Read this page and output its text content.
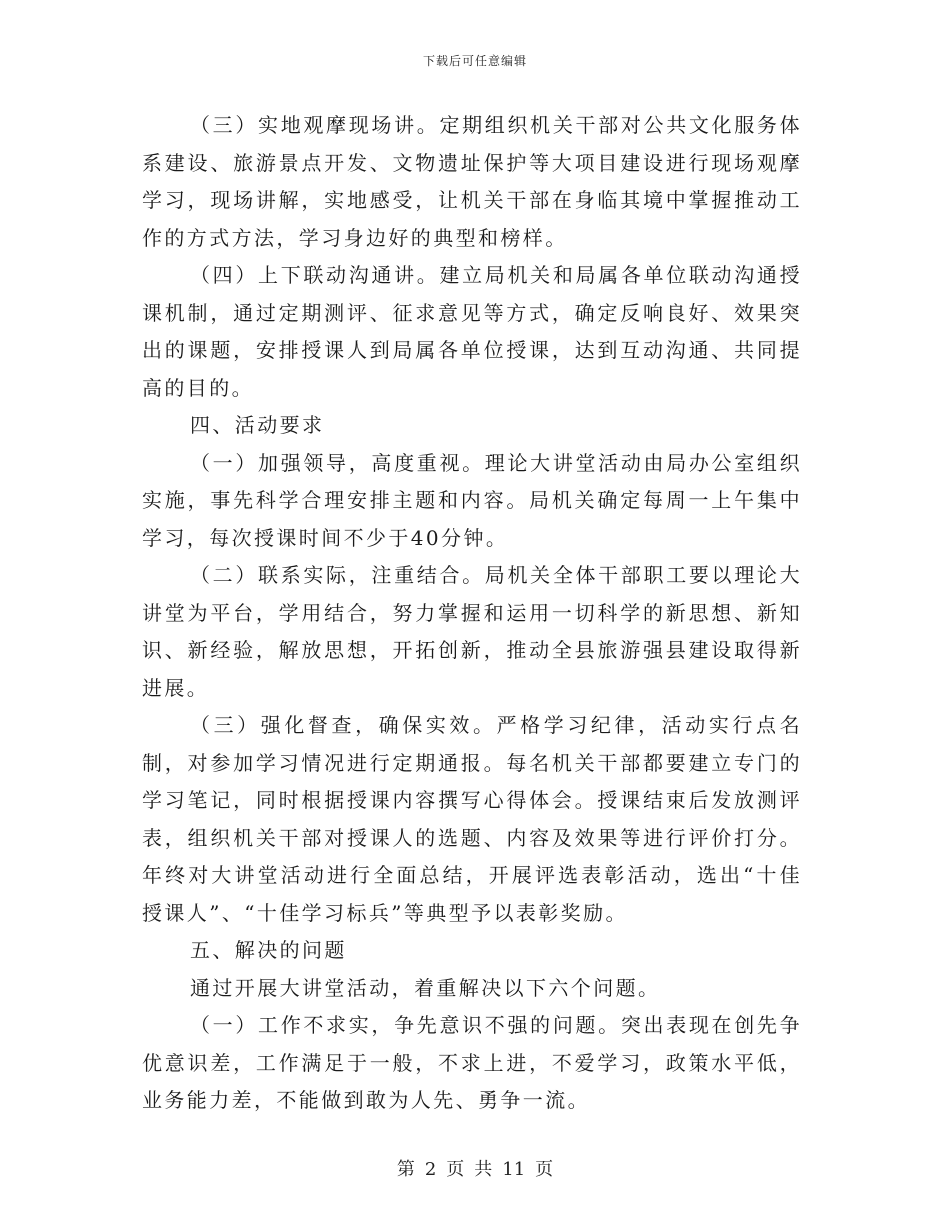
下载后可任意编辑

（三）实地观摩现场讲。定期组织机关干部对公共文化服务体系建设、旅游景点开发、文物遗址保护等大项目建设进行现场观摩学习，现场讲解，实地感受，让机关干部在身临其境中掌握推动工作的方式方法，学习身边好的典型和榜样。

（四）上下联动沟通讲。建立局机关和局属各单位联动沟通授课机制，通过定期测评、征求意见等方式，确定反响良好、效果突出的课题，安排授课人到局属各单位授课，达到互动沟通、共同提高的目的。

四、活动要求

（一）加强领导，高度重视。理论大讲堂活动由局办公室组织实施，事先科学合理安排主题和内容。局机关确定每周一上午集中学习，每次授课时间不少于40分钟。

（二）联系实际，注重结合。局机关全体干部职工要以理论大讲堂为平台，学用结合，努力掌握和运用一切科学的新思想、新知识、新经验，解放思想，开拓创新，推动全县旅游强县建设取得新进展。

（三）强化督查，确保实效。严格学习纪律，活动实行点名制，对参加学习情况进行定期通报。每名机关干部都要建立专门的学习笔记，同时根据授课内容撰写心得体会。授课结束后发放测评表，组织机关干部对授课人的选题、内容及效果等进行评价打分。年终对大讲堂活动进行全面总结，开展评选表彰活动，选出“十佳授课人”、“十佳学习标兵”等典型予以表彰奖励。

五、解决的问题

通过开展大讲堂活动，着重解决以下六个问题。

（一）工作不求实，争先意识不强的问题。突出表现在创先争优意识差，工作满足于一般，不求上进，不爱学习，政策水平低，业务能力差，不能做到敢为人先、勇争一流。

第 2 页 共 11 页
